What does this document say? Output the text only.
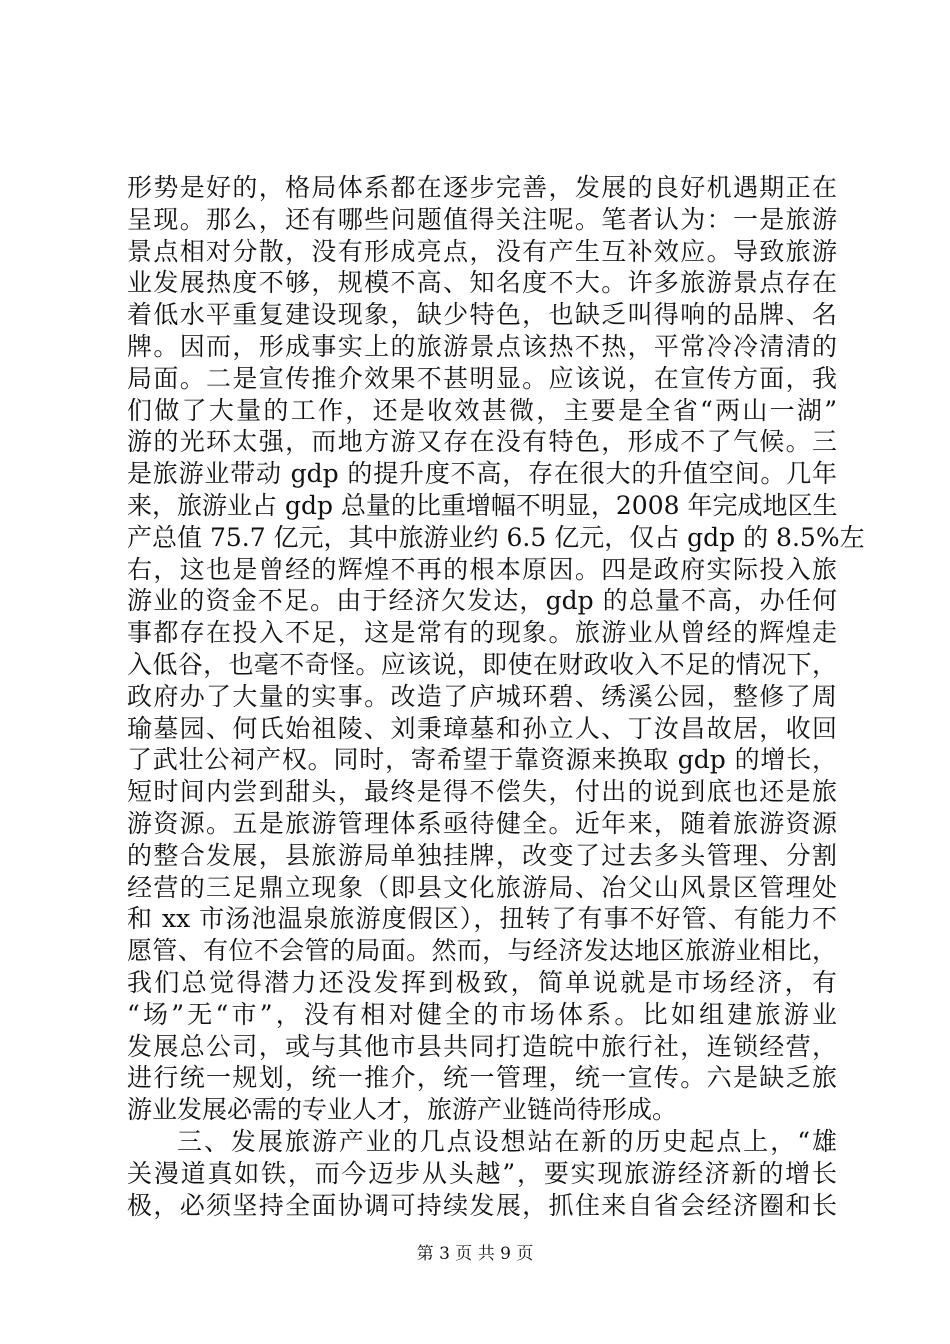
形势是好的，格局体系都在逐步完善，发展的良好机遇期正在
呈现。那么，还有哪些问题值得关注呢。笔者认为：一是旅游
景点相对分散，没有形成亮点，没有产生互补效应。导致旅游
业发展热度不够，规模不高、知名度不大。许多旅游景点存在
着低水平重复建设现象，缺少特色，也缺乏叫得响的品牌、名
牌。因而，形成事实上的旅游景点该热不热，平常冷冷清清的
局面。二是宣传推介效果不甚明显。应该说，在宣传方面，我
们做了大量的工作，还是收效甚微，主要是全省“两山一湖”
游的光环太强，而地方游又存在没有特色，形成不了气候。三
是旅游业带动 gdp 的提升度不高，存在很大的升值空间。几年
来，旅游业占 gdp 总量的比重增幅不明显，2008 年完成地区生
产总值 75.7 亿元，其中旅游业约 6.5 亿元，仅占 gdp 的 8.5%左
右，这也是曾经的辉煌不再的根本原因。四是政府实际投入旅
游业的资金不足。由于经济欠发达，gdp 的总量不高，办任何
事都存在投入不足，这是常有的现象。旅游业从曾经的辉煌走
入低谷，也毫不奇怪。应该说，即使在财政收入不足的情况下，
政府办了大量的实事。改造了庐城环碧、绣溪公园，整修了周
瑜墓园、何氏始祖陵、刘秉璋墓和孙立人、丁汝昌故居，收回
了武壮公祠产权。同时，寄希望于靠资源来换取 gdp 的增长，
短时间内尝到甜头，最终是得不偿失，付出的说到底也还是旅
游资源。五是旅游管理体系亟待健全。近年来，随着旅游资源
的整合发展，县旅游局单独挂牌，改变了过去多头管理、分割
经营的三足鼎立现象（即县文化旅游局、冶父山风景区管理处
和 xx 市汤池温泉旅游度假区），扭转了有事不好管、有能力不
愿管、有位不会管的局面。然而，与经济发达地区旅游业相比，
我们总觉得潜力还没发挥到极致，简单说就是市场经济，有
“场”无“市”，没有相对健全的市场体系。比如组建旅游业
发展总公司，或与其他市县共同打造皖中旅行社，连锁经营，
进行统一规划，统一推介，统一管理，统一宣传。六是缺乏旅
游业发展必需的专业人才，旅游产业链尚待形成。
三、发展旅游产业的几点设想站在新的历史起点上，“雄
关漫道真如铁，而今迈步从头越”，要实现旅游经济新的增长
极，必须坚持全面协调可持续发展，抓住来自省会经济圈和长
第 3 页 共 9 页
